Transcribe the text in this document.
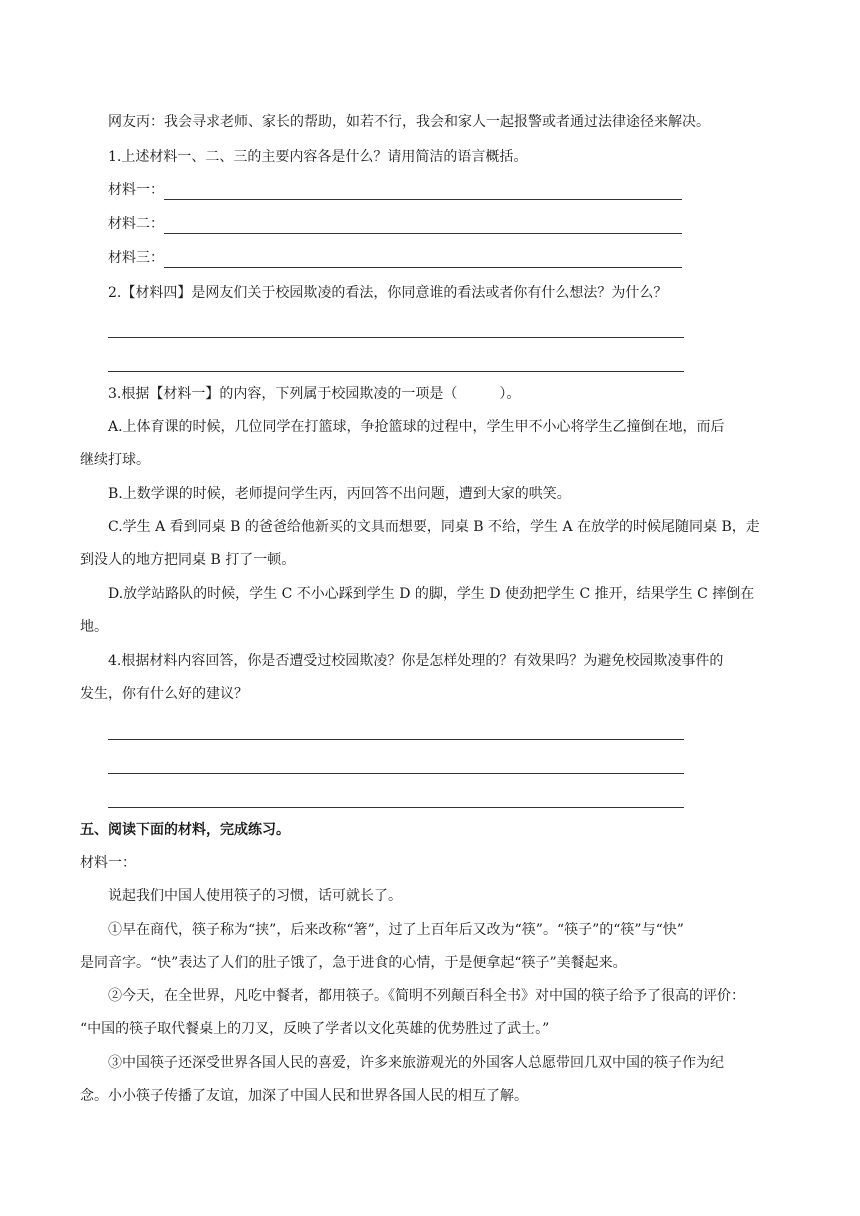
网友丙：我会寻求老师、家长的帮助，如若不行，我会和家人一起报警或者通过法律途径来解决。
1.上述材料一、二、三的主要内容各是什么？请用简洁的语言概括。
材料一：
材料二：
材料三：
2.【材料四】是网友们关于校园欺凌的看法，你同意谁的看法或者你有什么想法？为什么？
3.根据【材料一】的内容，下列属于校园欺凌的一项是（	）。
A.上体育课的时候，几位同学在打篮球，争抢篮球的过程中，学生甲不小心将学生乙撞倒在地，而后
继续打球。
B.上数学课的时候，老师提问学生丙，丙回答不出问题，遭到大家的哄笑。
C.学生 A 看到同桌 B 的爸爸给他新买的文具而想要，同桌 B 不给，学生 A 在放学的时候尾随同桌 B，走
到没人的地方把同桌 B 打了一顿。
D.放学站路队的时候，学生 C 不小心踩到学生 D 的脚，学生 D 使劲把学生 C 推开，结果学生 C 摔倒在
地。
4.根据材料内容回答，你是否遭受过校园欺凌？你是怎样处理的？有效果吗？为避免校园欺凌事件的
发生，你有什么好的建议？
五、阅读下面的材料，完成练习。
材料一：
说起我们中国人使用筷子的习惯，话可就长了。
①早在商代，筷子称为“挟”，后来改称“箸”，过了上百年后又改为“筷”。“筷子”的“筷”与“快”
是同音字。“快”表达了人们的肚子饿了，急于进食的心情，于是便拿起“筷子”美餐起来。
②今天，在全世界，凡吃中餐者，都用筷子。《简明不列颠百科全书》对中国的筷子给予了很高的评价：
“中国的筷子取代餐桌上的刀叉，反映了学者以文化英雄的优势胜过了武士。”
③中国筷子还深受世界各国人民的喜爱，许多来旅游观光的外国客人总愿带回几双中国的筷子作为纪
念。小小筷子传播了友谊，加深了中国人民和世界各国人民的相互了解。
